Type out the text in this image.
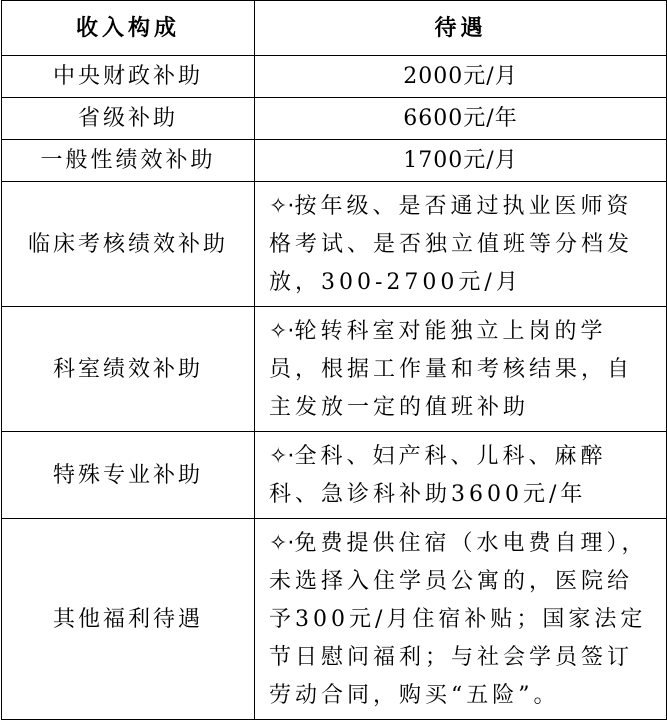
收入构成	待遇
中央财政补助	2000元/月
省级补助	6600元/年
一般性绩效补助	1700元/月
临床考核绩效补助	✧·按年级、是否通过执业医师资格考试、是否独立值班等分档发放，300-2700元/月
科室绩效补助	✧·轮转科室对能独立上岗的学员，根据工作量和考核结果，自主发放一定的值班补助
特殊专业补助	✧·全科、妇产科、儿科、麻醉科、急诊科补助3600元/年
其他福利待遇	✧·免费提供住宿（水电费自理），未选择入住学员公寓的，医院给予300元/月住宿补贴；国家法定节日慰问福利；与社会学员签订劳动合同，购买“五险”。
